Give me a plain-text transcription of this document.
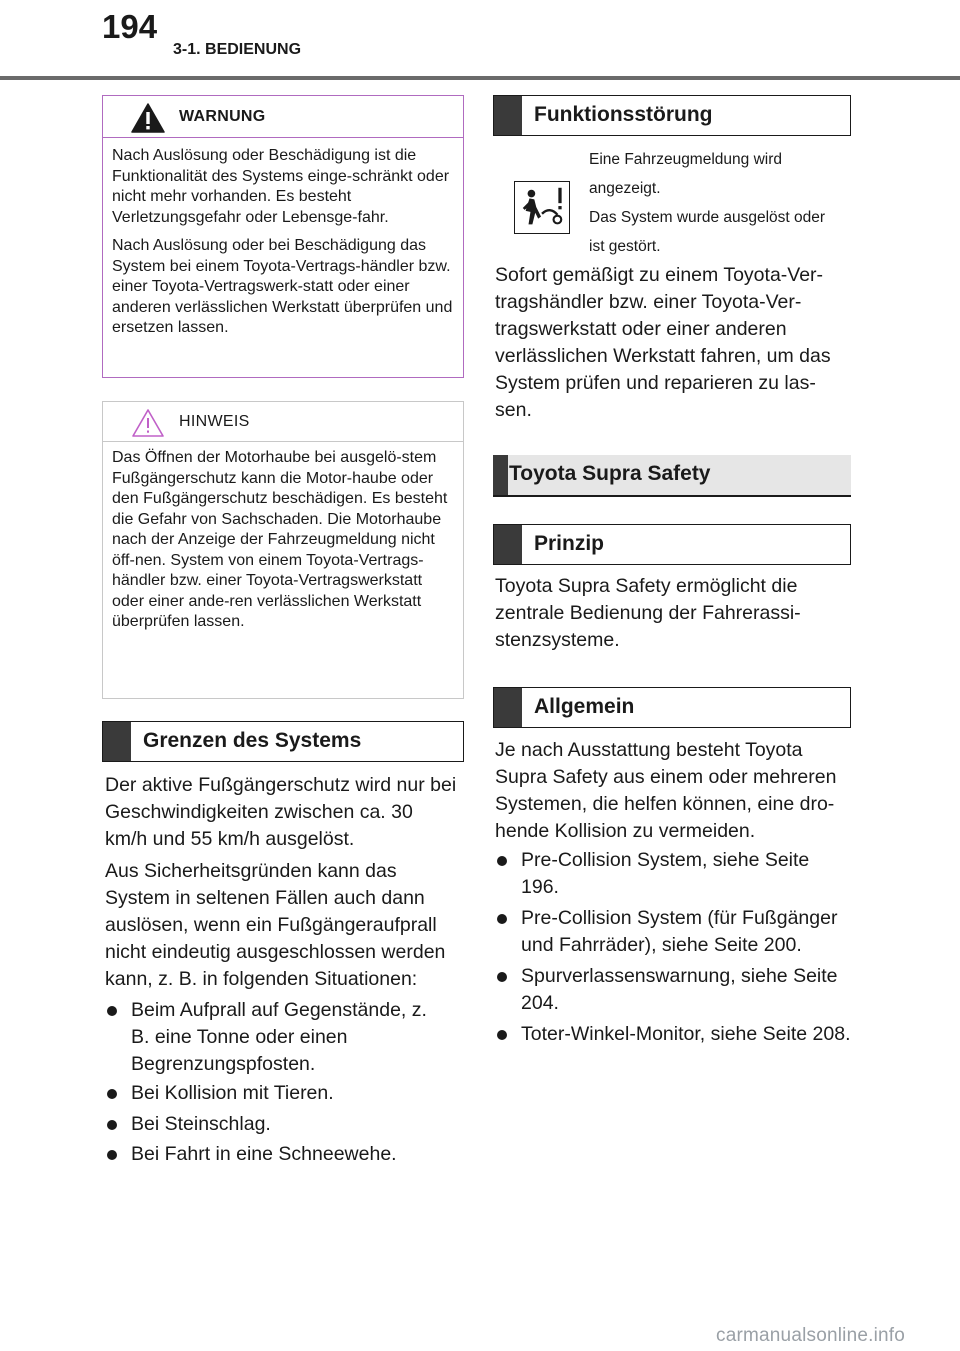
194
3-1. BEDIENUNG
WARNUNG

Nach Auslösung oder Beschädigung ist die Funktionalität des Systems einge-schränkt oder nicht mehr vorhanden. Es besteht Verletzungsgefahr oder Lebensge-fahr.

Nach Auslösung oder bei Beschädigung das System bei einem Toyota-Vertrags-händler bzw. einer Toyota-Vertragswerk-statt oder einer anderen verlässlichen Werkstatt überprüfen und ersetzen lassen.

HINWEIS
Das Öffnen der Motorhaube bei ausgelö-stem Fußgängerschutz kann die Motor-haube oder den Fußgängerschutz beschädigen. Es besteht die Gefahr von Sachschaden. Die Motorhaube nach der Anzeige der Fahrzeugmeldung nicht öff-nen. System von einem Toyota-Vertrags-händler bzw. einer Toyota-Vertragswerkstatt oder einer ande-ren verlässlichen Werkstatt überprüfen lassen.
Grenzen des Systems
Der aktive Fußgängerschutz wird nur bei Geschwindigkeiten zwischen ca. 30 km/h und 55 km/h ausgelöst.
Aus Sicherheitsgründen kann das System in seltenen Fällen auch dann auslösen, wenn ein Fußgängeraufprall nicht eindeutig ausgeschlossen werden kann, z. B. in folgenden Situationen:
Beim Aufprall auf Gegenstände, z. B. eine Tonne oder einen Begrenzungspfosten.
Bei Kollision mit Tieren.
Bei Steinschlag.
Bei Fahrt in eine Schneewehe.
Funktionsstörung
Eine Fahrzeugmeldung wird angezeigt.
Das System wurde ausgelöst oder ist gestört.
Sofort gemäßigt zu einem Toyota-Ver-tragshändler bzw. einer Toyota-Ver-tragswerkstatt oder einer anderen verlässlichen Werkstatt fahren, um das System prüfen und reparieren zu las-sen.
Toyota Supra Safety
Prinzip
Toyota Supra Safety ermöglicht die zentrale Bedienung der Fahrerassi-stenzsysteme.
Allgemein
Je nach Ausstattung besteht Toyota Supra Safety aus einem oder mehreren Systemen, die helfen können, eine dro-hende Kollision zu vermeiden.
Pre-Collision System, siehe Seite 196.
Pre-Collision System (für Fußgänger und Fahrräder), siehe Seite 200.
Spurverlassenswarnung, siehe Seite 204.
Toter-Winkel-Monitor, siehe Seite 208.
carmanualsonline.info
